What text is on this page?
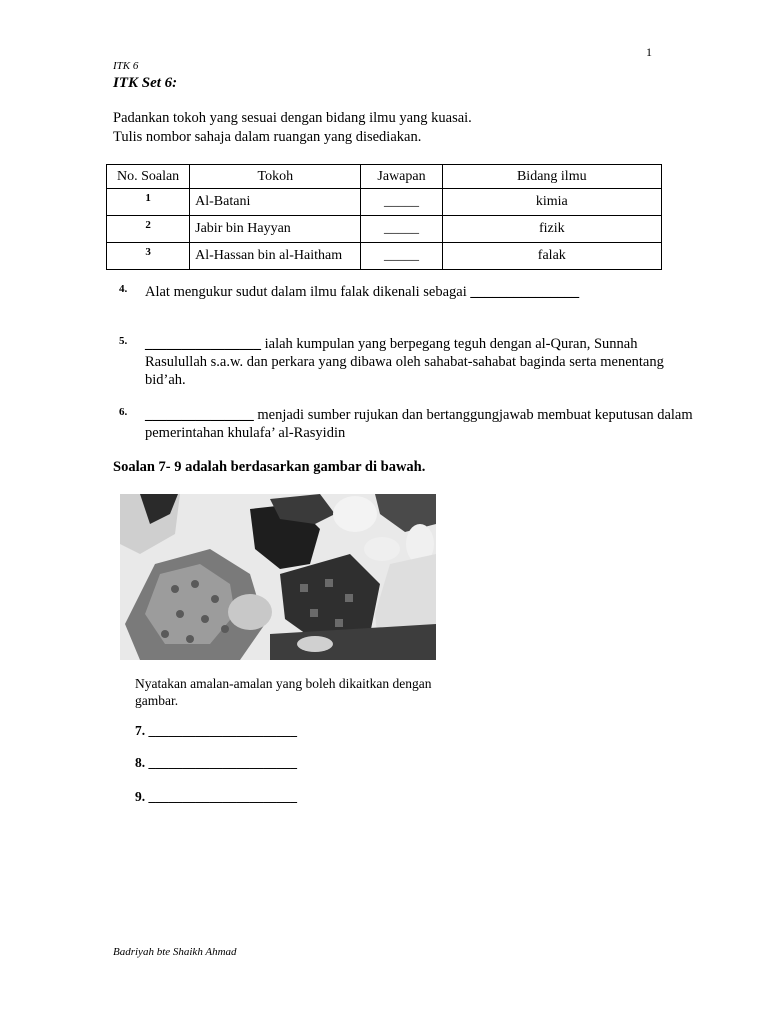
1
ITK 6
ITK Set 6:
Padankan tokoh yang sesuai dengan bidang ilmu yang kuasai.
Tulis nombor sahaja dalam ruangan yang disediakan.
No. Soalan	Tokoh	Jawapan	Bidang ilmu
1	Al-Batani	_____	kimia
2	Jabir bin Hayyan	_____	fizik
3	Al-Hassan bin al-Haitham	_____	falak
4. Alat mengukur sudut dalam ilmu falak dikenali sebagai _______________
5. ________________ ialah kumpulan yang berpegang teguh dengan al-Quran, Sunnah Rasulullah s.a.w. dan perkara yang dibawa oleh sahabat-sahabat baginda serta menentang bid’ah.
6. _______________ menjadi sumber rujukan dan bertanggungjawab membuat keputusan dalam pemerintahan khulafa’ al-Rasyidin
Soalan 7- 9 adalah berdasarkan gambar di bawah.
Nyatakan amalan-amalan yang boleh dikaitkan dengan gambar.
7. ______________________
8. ______________________
9. ______________________
Badriyah bte Shaikh Ahmad
